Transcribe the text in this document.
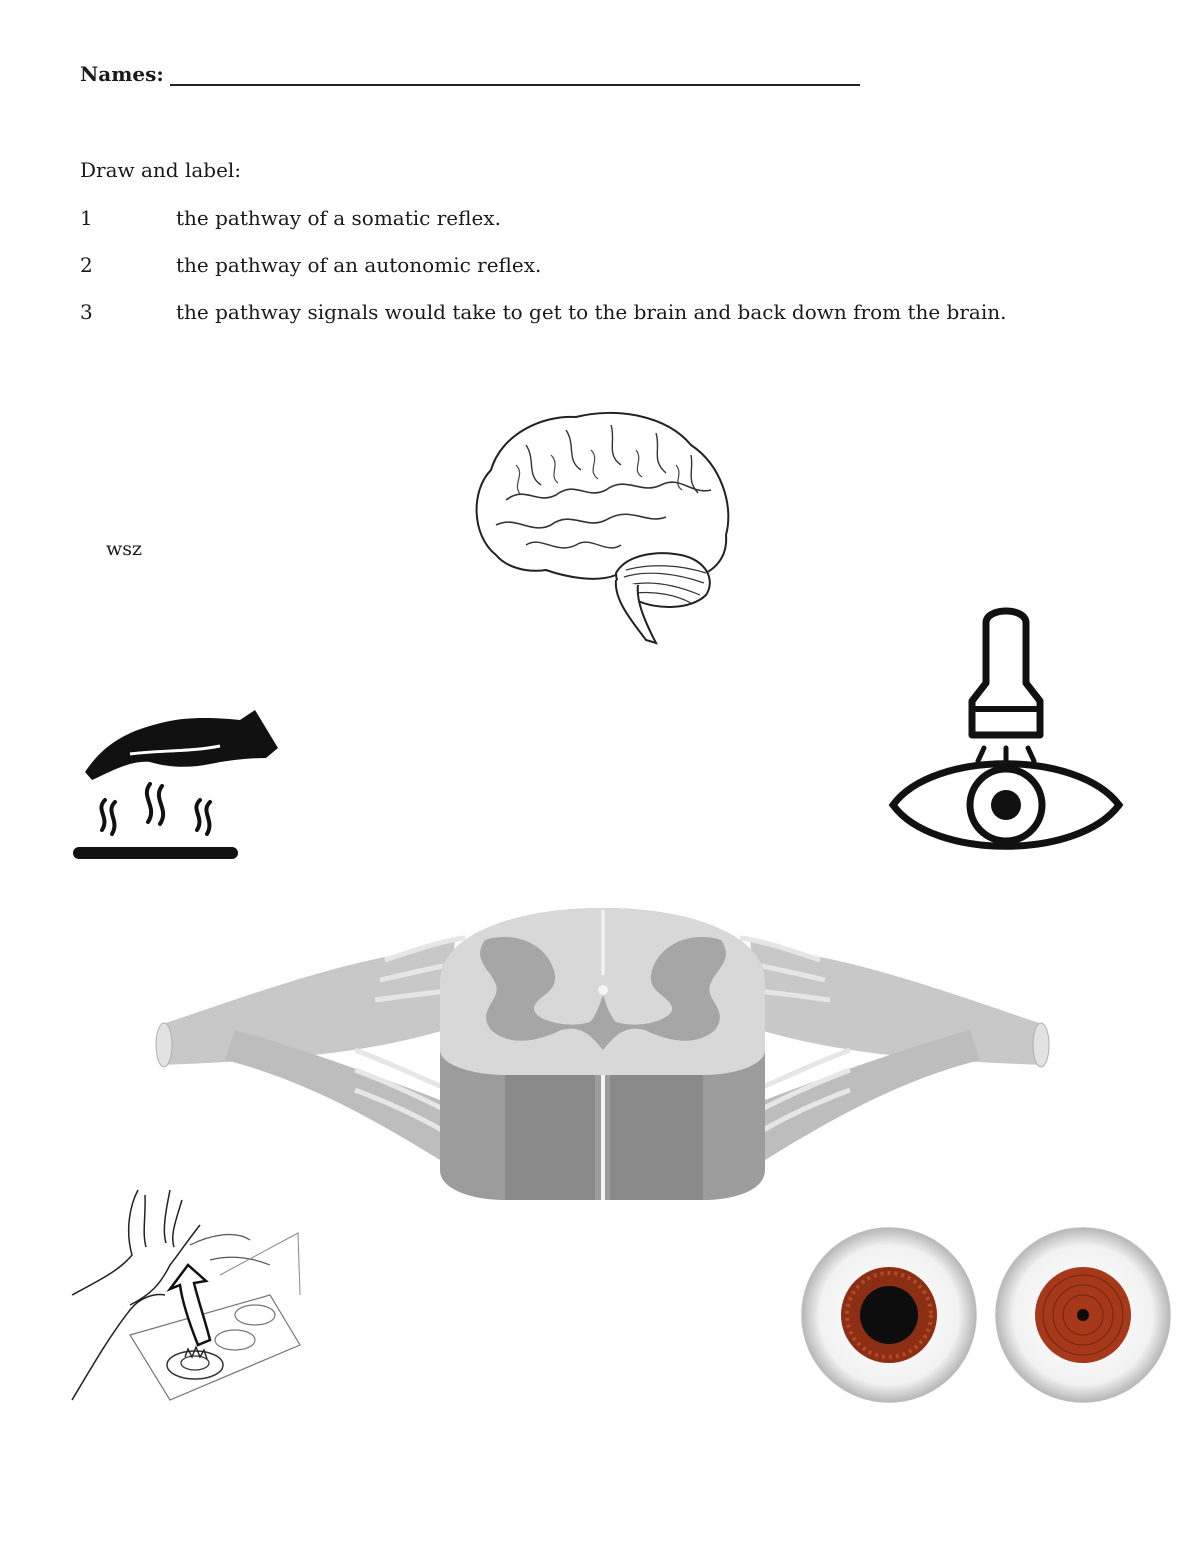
Names:
Draw and label:
1	the pathway of a somatic reflex.
2	the pathway of an autonomic reflex.
3	the pathway signals would take to get to the brain and back down from the brain.
wsz
